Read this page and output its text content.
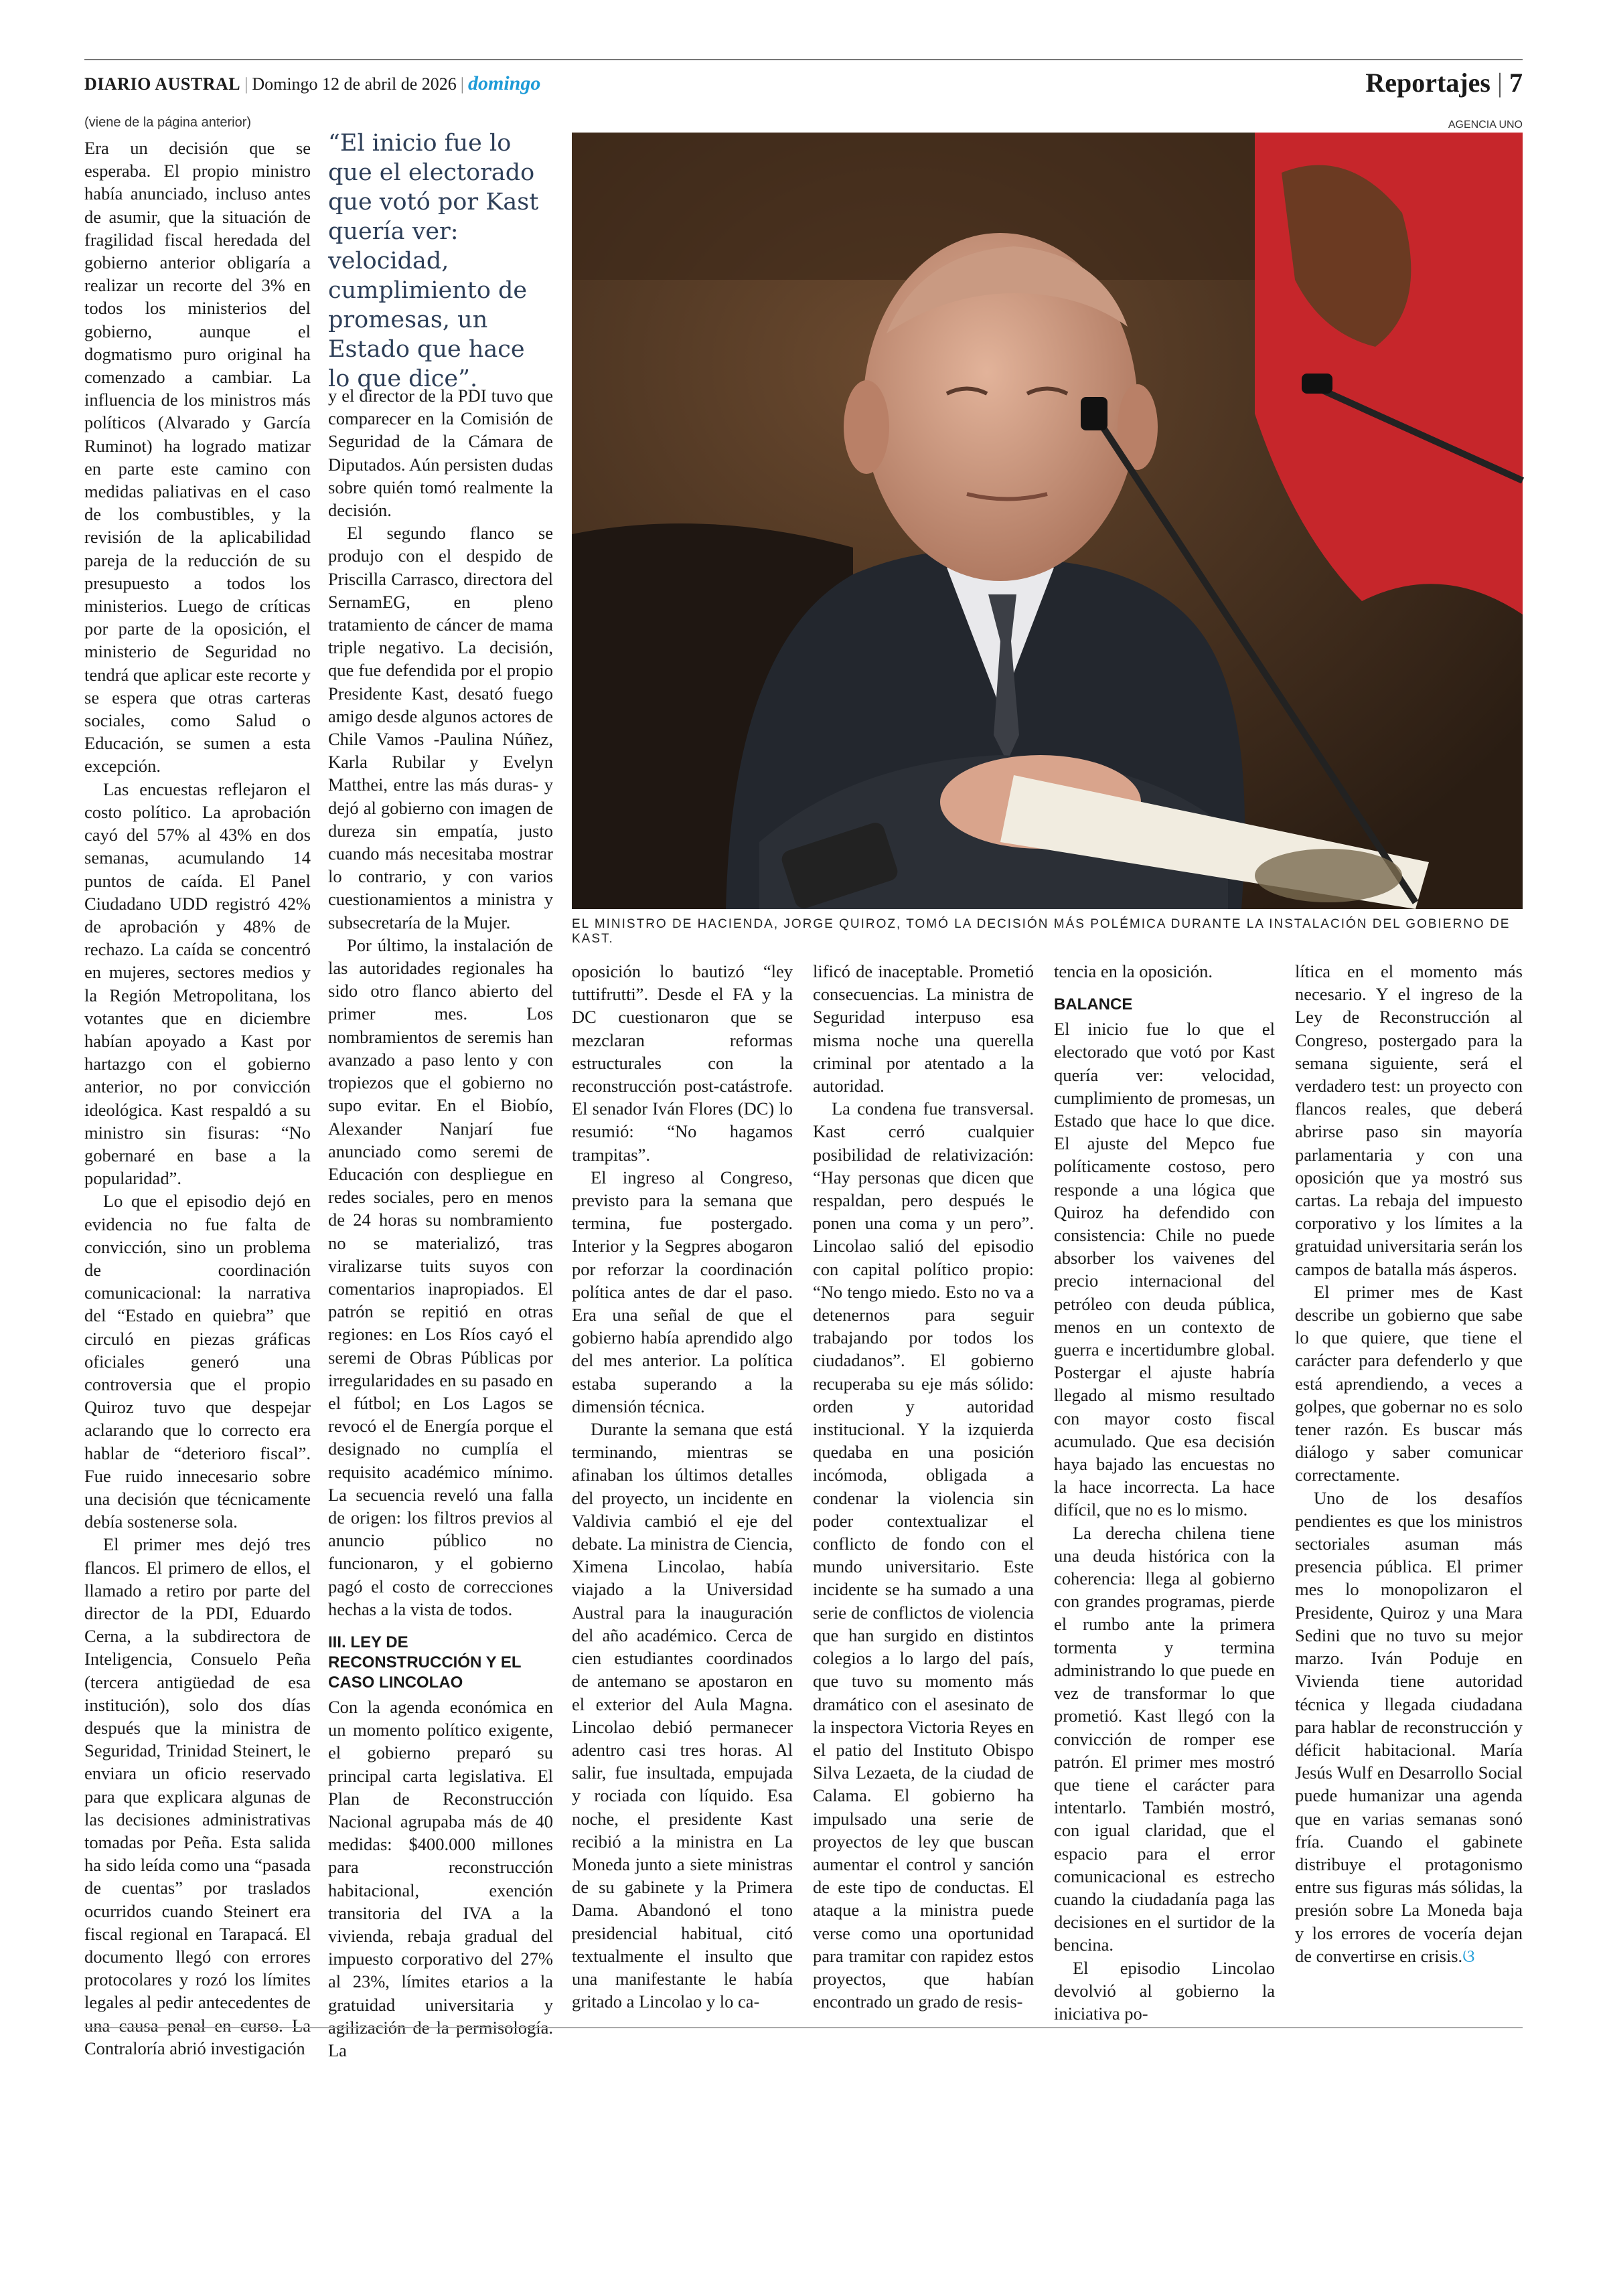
DIARIO AUSTRAL | Domingo 12 de abril de 2026 | domingo	Reportajes | 7
(viene de la página anterior)

Era un decisión que se esperaba. El propio ministro había anunciado, incluso antes de asumir, que la situación de fragilidad fiscal heredada del gobierno anterior obligaría a realizar un recorte del 3% en todos los ministerios del gobierno, aunque el dogmatismo puro original ha comenzado a cambiar. La influencia de los ministros más políticos (Alvarado y García Ruminot) ha logrado matizar en parte este camino con medidas paliativas en el caso de los combustibles, y la revisión de la aplicabilidad pareja de la reducción de su presupuesto a todos los ministerios. Luego de críticas por parte de la oposición, el ministerio de Seguridad no tendrá que aplicar este recorte y se espera que otras carteras sociales, como Salud o Educación, se sumen a esta excepción.

Las encuestas reflejaron el costo político. La aprobación cayó del 57% al 43% en dos semanas, acumulando 14 puntos de caída. El Panel Ciudadano UDD registró 42% de aprobación y 48% de rechazo. La caída se concentró en mujeres, sectores medios y la Región Metropolitana, los votantes que en diciembre habían apoyado a Kast por hartazgo con el gobierno anterior, no por convicción ideológica. Kast respaldó a su ministro sin fisuras: “No gobernaré en base a la popularidad”.

Lo que el episodio dejó en evidencia no fue falta de convicción, sino un problema de coordinación comunicacional: la narrativa del “Estado en quiebra” que circuló en piezas gráficas oficiales generó una controversia que el propio Quiroz tuvo que despejar aclarando que lo correcto era hablar de “deterioro fiscal”. Fue ruido innecesario sobre una decisión que técnicamente debía sostenerse sola.

El primer mes dejó tres flancos. El primero de ellos, el llamado a retiro por parte del director de la PDI, Eduardo Cerna, a la subdirectora de Inteligencia, Consuelo Peña (tercera antigüedad de esa institución), solo dos días después que la ministra de Seguridad, Trinidad Steinert, le enviara un oficio reservado para que explicara algunas de las decisiones administrativas tomadas por Peña. Esta salida ha sido leída como una “pasada de cuentas” por traslados ocurridos cuando Steinert era fiscal regional en Tarapacá. El documento llegó con errores protocolares y rozó los límites legales al pedir antecedentes de una causa penal en curso. La Contraloría abrió investigación

“El inicio fue lo que el electorado que votó por Kast quería ver: velocidad, cumplimiento de promesas, un Estado que hace lo que dice”.

y el director de la PDI tuvo que comparecer en la Comisión de Seguridad de la Cámara de Diputados. Aún persisten dudas sobre quién tomó realmente la decisión.

El segundo flanco se produjo con el despido de Priscilla Carrasco, directora del SernamEG, en pleno tratamiento de cáncer de mama triple negativo. La decisión, que fue defendida por el propio Presidente Kast, desató fuego amigo desde algunos actores de Chile Vamos -Paulina Núñez, Karla Rubilar y Evelyn Matthei, entre las más duras- y dejó al gobierno con imagen de dureza sin empatía, justo cuando más necesitaba mostrar lo contrario, y con varios cuestionamientos a ministra y subsecretaría de la Mujer.

Por último, la instalación de las autoridades regionales ha sido otro flanco abierto del primer mes. Los nombramientos de seremis han avanzado a paso lento y con tropiezos que el gobierno no supo evitar. En el Biobío, Alexander Nanjarí fue anunciado como seremi de Educación con despliegue en redes sociales, pero en menos de 24 horas su nombramiento no se materializó, tras viralizarse tuits suyos con comentarios inapropiados. El patrón se repitió en otras regiones: en Los Ríos cayó el seremi de Obras Públicas por irregularidades en su pasado en el fútbol; en Los Lagos se revocó el de Energía porque el designado no cumplía el requisito académico mínimo. La secuencia reveló una falla de origen: los filtros previos al anuncio público no funcionaron, y el gobierno pagó el costo de correcciones hechas a la vista de todos.

III. LEY DE RECONSTRUCCIÓN Y EL CASO LINCOLAO

Con la agenda económica en un momento político exigente, el gobierno preparó su principal carta legislativa. El Plan de Reconstrucción Nacional agrupaba más de 40 medidas: $400.000 millones para reconstrucción habitacional, exención transitoria del IVA a la vivienda, rebaja gradual del impuesto corporativo del 27% al 23%, límites etarios a la gratuidad universitaria y agilización de la permisología. La

AGENCIA UNO
EL MINISTRO DE HACIENDA, JORGE QUIROZ, TOMÓ LA DECISIÓN MÁS POLÉMICA DURANTE LA INSTALACIÓN DEL GOBIERNO DE KAST.

oposición lo bautizó “ley tuttifrutti”. Desde el FA y la DC cuestionaron que se mezclaran reformas estructurales con la reconstrucción post-catástrofe. El senador Iván Flores (DC) lo resumió: “No hagamos trampitas”.

El ingreso al Congreso, previsto para la semana que termina, fue postergado. Interior y la Segpres abogaron por reforzar la coordinación política antes de dar el paso. Era una señal de que el gobierno había aprendido algo del mes anterior. La política estaba superando a la dimensión técnica.

Durante la semana que está terminando, mientras se afinaban los últimos detalles del proyecto, un incidente en Valdivia cambió el eje del debate. La ministra de Ciencia, Ximena Lincolao, había viajado a la Universidad Austral para la inauguración del año académico. Cerca de cien estudiantes coordinados de antemano se apostaron en el exterior del Aula Magna. Lincolao debió permanecer adentro casi tres horas. Al salir, fue insultada, empujada y rociada con líquido. Esa noche, el presidente Kast recibió a la ministra en La Moneda junto a siete ministras de su gabinete y la Primera Dama. Abandonó el tono presidencial habitual, citó textualmente el insulto que una manifestante le había gritado a Lincolao y lo ca-

lificó de inaceptable. Prometió consecuencias. La ministra de Seguridad interpuso esa misma noche una querella criminal por atentado a la autoridad.

La condena fue transversal. Kast cerró cualquier posibilidad de relativización: “Hay personas que dicen que respaldan, pero después le ponen una coma y un pero”. Lincolao salió del episodio con capital político propio: “No tengo miedo. Esto no va a detenernos para seguir trabajando por todos los ciudadanos”. El gobierno recuperaba su eje más sólido: orden y autoridad institucional. Y la izquierda quedaba en una posición incómoda, obligada a condenar la violencia sin poder contextualizar el conflicto de fondo con el mundo universitario. Este incidente se ha sumado a una serie de conflictos de violencia que han surgido en distintos colegios a lo largo del país, que tuvo su momento más dramático con el asesinato de la inspectora Victoria Reyes en el patio del Instituto Obispo Silva Lezaeta, de la ciudad de Calama. El gobierno ha impulsado una serie de proyectos de ley que buscan aumentar el control y sanción de este tipo de conductas. El ataque a la ministra puede verse como una oportunidad para tramitar con rapidez estos proyectos, que habían encontrado un grado de resis-

tencia en la oposición.

BALANCE

El inicio fue lo que el electorado que votó por Kast quería ver: velocidad, cumplimiento de promesas, un Estado que hace lo que dice. El ajuste del Mepco fue políticamente costoso, pero responde a una lógica que Quiroz ha defendido con consistencia: Chile no puede absorber los vaivenes del precio internacional del petróleo con deuda pública, menos en un contexto de guerra e incertidumbre global. Postergar el ajuste habría llegado al mismo resultado con mayor costo fiscal acumulado. Que esa decisión haya bajado las encuestas no la hace incorrecta. La hace difícil, que no es lo mismo.

La derecha chilena tiene una deuda histórica con la coherencia: llega al gobierno con grandes programas, pierde el rumbo ante la primera tormenta y termina administrando lo que puede en vez de transformar lo que prometió. Kast llegó con la convicción de romper ese patrón. El primer mes mostró que tiene el carácter para intentarlo. También mostró, con igual claridad, que el espacio para el error comunicacional es estrecho cuando la ciudadanía paga las decisiones en el surtidor de la bencina.

El episodio Lincolao devolvió al gobierno la iniciativa po-

lítica en el momento más necesario. Y el ingreso de la Ley de Reconstrucción al Congreso, postergado para la semana siguiente, será el verdadero test: un proyecto con flancos reales, que deberá abrirse paso sin mayoría parlamentaria y con una oposición que ya mostró sus cartas. La rebaja del impuesto corporativo y los límites a la gratuidad universitaria serán los campos de batalla más ásperos.

El primer mes de Kast describe un gobierno que sabe lo que quiere, que tiene el carácter para defenderlo y que está aprendiendo, a veces a golpes, que gobernar no es solo tener razón. Es buscar más diálogo y saber comunicar correctamente.

Uno de los desafíos pendientes es que los ministros sectoriales asuman más presencia pública. El primer mes lo monopolizaron el Presidente, Quiroz y una Mara Sedini que no tuvo su mejor marzo. Iván Poduje en Vivienda tiene autoridad técnica y llegada ciudadana para hablar de reconstrucción y déficit habitacional. María Jesús Wulf en Desarrollo Social puede humanizar una agenda que en varias semanas sonó fría. Cuando el gabinete distribuye el protagonismo entre sus figuras más sólidas, la presión sobre La Moneda baja y los errores de vocería dejan de convertirse en crisis.ଓ
